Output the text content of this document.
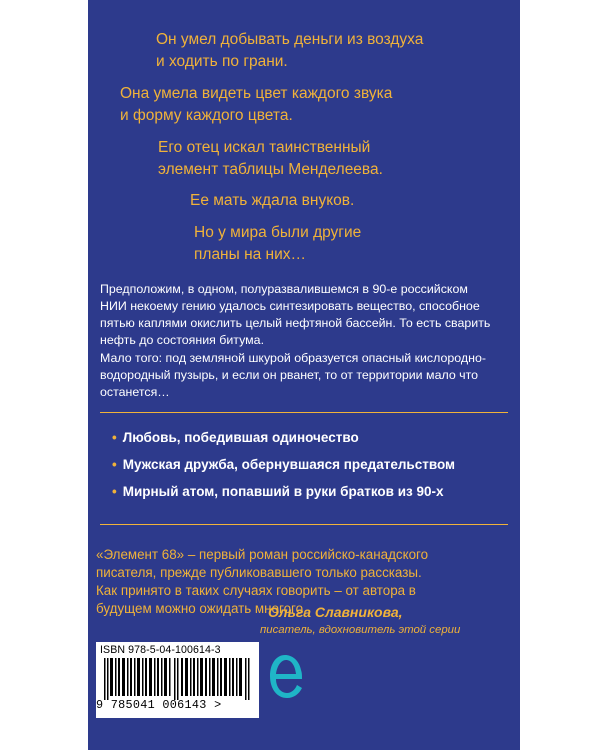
Он умел добывать деньги из воздуха
и ходить по грани.
Она умела видеть цвет каждого звука
и форму каждого цвета.
Его отец искал таинственный
элемент таблицы Менделеева.
Ее мать ждала внуков.
Но у мира были другие
планы на них…
Предположим, в одном, полуразвалившемся в 90-е российском
НИИ некоему гению удалось синтезировать вещество, способное
пятью каплями окислить целый нефтяной бассейн. То есть сварить
нефть до состояния битума.
Мало того: под земляной шкурой образуется опасный кислородно-
водородный пузырь, и если он рванет, то от территории мало что
останется…
• Любовь, победившая одиночество
• Мужская дружба, обернувшаяся предательством
• Мирный атом, попавший в руки братков из 90-х
«Элемент 68» – первый роман российско-канадского
писателя, прежде публиковавшего только рассказы.
Как принято в таких случаях говорить – от автора в
будущем можно ожидать многого.
Ольга Славникова,
писатель, вдохновитель этой серии
ISBN 978-5-04-100614-3
9 785041 006143 >
